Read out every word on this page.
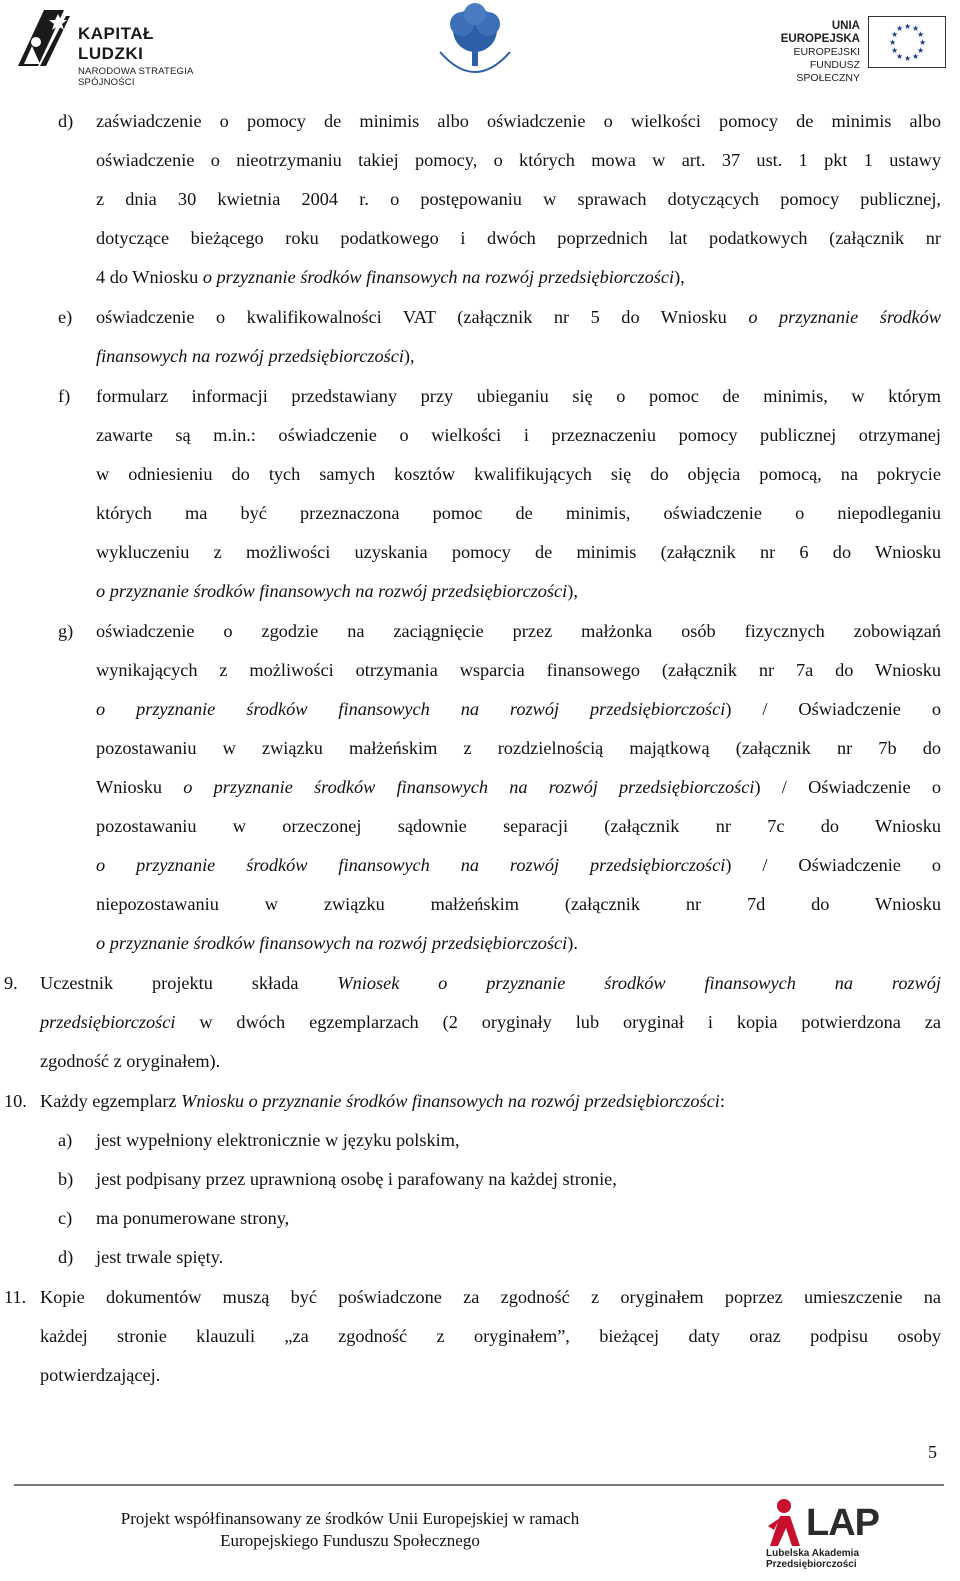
KAPITAŁ LUDZKI
NARODOWA STRATEGIA SPÓJNOŚCI
UNIA EUROPEJSKA
EUROPEJSKI
FUNDUSZ SPOŁECZNY
★ ★
★
★
★
★
★
★
★
★
★
★
d) zaświadczenie o pomocy de minimis albo oświadczenie o wielkości pomocy de minimis albo
oświadczenie o nieotrzymaniu takiej pomocy, o których mowa w art. 37 ust. 1 pkt 1 ustawy
z dnia 30 kwietnia 2004 r. o postępowaniu w sprawach dotyczących pomocy publicznej,
dotyczące bieżącego roku podatkowego i dwóch poprzednich lat podatkowych (załącznik nr
4 do Wniosku o przyznanie środków finansowych na rozwój przedsiębiorczości),
e) oświadczenie o kwalifikowalności VAT (załącznik nr 5 do Wniosku o przyznanie środków
finansowych na rozwój przedsiębiorczości),
f) formularz informacji przedstawiany przy ubieganiu się o pomoc de minimis, w którym
zawarte są m.in.: oświadczenie o wielkości i przeznaczeniu pomocy publicznej otrzymanej
w odniesieniu do tych samych kosztów kwalifikujących się do objęcia pomocą, na pokrycie
których ma być przeznaczona pomoc de minimis, oświadczenie o niepodleganiu
wykluczeniu z możliwości uzyskania pomocy de minimis (załącznik nr 6 do Wniosku
o przyznanie środków finansowych na rozwój przedsiębiorczości),
g) oświadczenie o zgodzie na zaciągnięcie przez małżonka osób fizycznych zobowiązań
wynikających z możliwości otrzymania wsparcia finansowego (załącznik nr 7a do Wniosku
o przyznanie środków finansowych na rozwój przedsiębiorczości) / Oświadczenie o
pozostawaniu w związku małżeńskim z rozdzielnością majątkową (załącznik nr 7b do
Wniosku o przyznanie środków finansowych na rozwój przedsiębiorczości) / Oświadczenie o
pozostawaniu w orzeczonej sądownie separacji (załącznik nr 7c do Wniosku
o przyznanie środków finansowych na rozwój przedsiębiorczości) / Oświadczenie o
niepozostawaniu w związku małżeńskim (załącznik nr 7d do Wniosku
o przyznanie środków finansowych na rozwój przedsiębiorczości).
9. Uczestnik projektu składa Wniosek o przyznanie środków finansowych na rozwój
przedsiębiorczości w dwóch egzemplarzach (2 oryginały lub oryginał i kopia potwierdzona za
zgodność z oryginałem).
10. Każdy egzemplarz Wniosku o przyznanie środków finansowych na rozwój przedsiębiorczości:
a) jest wypełniony elektronicznie w języku polskim,
b) jest podpisany przez uprawnioną osobę i parafowany na każdej stronie,
c) ma ponumerowane strony,
d) jest trwale spięty.
11. Kopie dokumentów muszą być poświadczone za zgodność z oryginałem poprzez umieszczenie na
każdej stronie klauzuli „za zgodność z oryginałem”, bieżącej daty oraz podpisu osoby
potwierdzającej.
5
Projekt współfinansowany ze środków Unii Europejskiej w ramach
Europejskiego Funduszu Społecznego	LAP
Lubelska Akademia
Przedsiębiorczości
